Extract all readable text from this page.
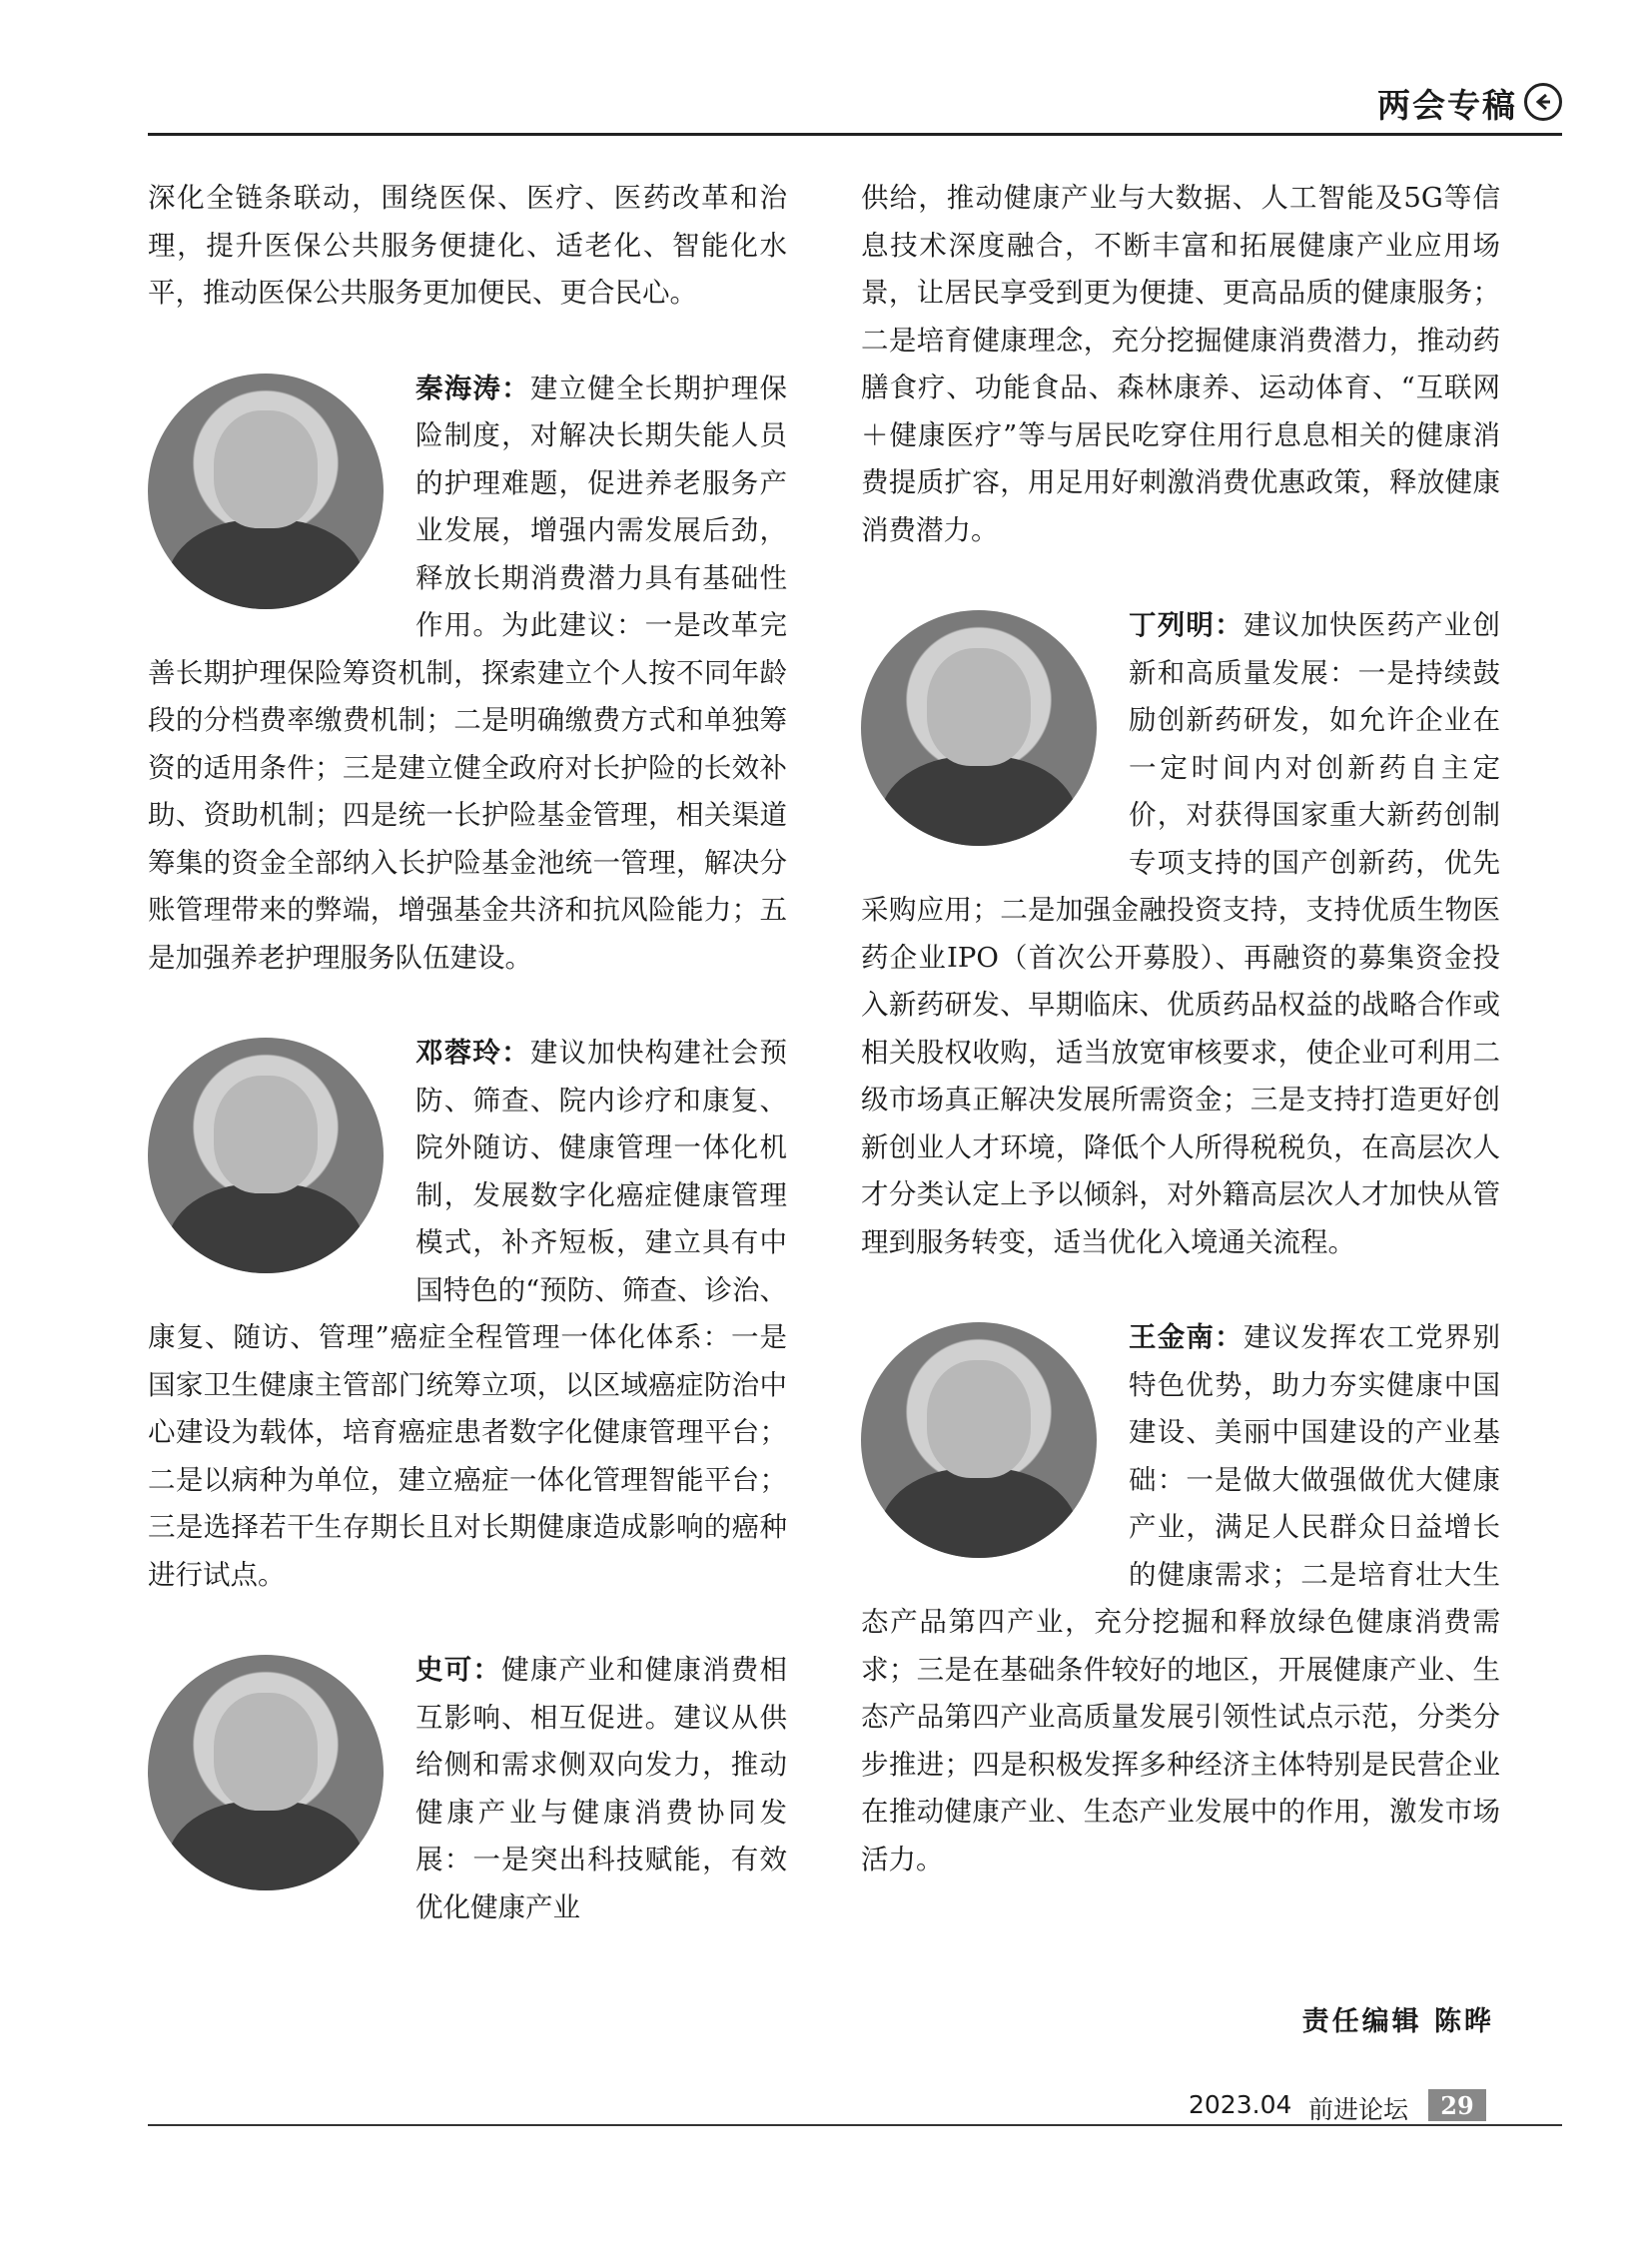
两会专稿

深化全链条联动，围绕医保、医疗、医药改革和治理，提升医保公共服务便捷化、适老化、智能化水平，推动医保公共服务更加便民、更合民心。

秦海涛：建立健全长期护理保险制度，对解决长期失能人员的护理难题，促进养老服务产业发展，增强内需发展后劲，释放长期消费潜力具有基础性作用。为此建议：一是改革完善长期护理保险筹资机制，探索建立个人按不同年龄段的分档费率缴费机制；二是明确缴费方式和单独筹资的适用条件；三是建立健全政府对长护险的长效补助、资助机制；四是统一长护险基金管理，相关渠道筹集的资金全部纳入长护险基金池统一管理，解决分账管理带来的弊端，增强基金共济和抗风险能力；五是加强养老护理服务队伍建设。

邓蓉玲：建议加快构建社会预防、筛查、院内诊疗和康复、院外随访、健康管理一体化机制，发展数字化癌症健康管理模式，补齐短板，建立具有中国特色的“预防、筛查、诊治、康复、随访、管理”癌症全程管理一体化体系：一是国家卫生健康主管部门统筹立项，以区域癌症防治中心建设为载体，培育癌症患者数字化健康管理平台；二是以病种为单位，建立癌症一体化管理智能平台；三是选择若干生存期长且对长期健康造成影响的癌种进行试点。

史可：健康产业和健康消费相互影响、相互促进。建议从供给侧和需求侧双向发力，推动健康产业与健康消费协同发展：一是突出科技赋能，有效优化健康产业

供给，推动健康产业与大数据、人工智能及5G等信息技术深度融合，不断丰富和拓展健康产业应用场景，让居民享受到更为便捷、更高品质的健康服务；二是培育健康理念，充分挖掘健康消费潜力，推动药膳食疗、功能食品、森林康养、运动体育、“互联网＋健康医疗”等与居民吃穿住用行息息相关的健康消费提质扩容，用足用好刺激消费优惠政策，释放健康消费潜力。

丁列明：建议加快医药产业创新和高质量发展：一是持续鼓励创新药研发，如允许企业在一定时间内对创新药自主定价，对获得国家重大新药创制专项支持的国产创新药，优先采购应用；二是加强金融投资支持，支持优质生物医药企业IPO（首次公开募股）、再融资的募集资金投入新药研发、早期临床、优质药品权益的战略合作或相关股权收购，适当放宽审核要求，使企业可利用二级市场真正解决发展所需资金；三是支持打造更好创新创业人才环境，降低个人所得税税负，在高层次人才分类认定上予以倾斜，对外籍高层次人才加快从管理到服务转变，适当优化入境通关流程。

王金南：建议发挥农工党界别特色优势，助力夯实健康中国建设、美丽中国建设的产业基础：一是做大做强做优大健康产业，满足人民群众日益增长的健康需求；二是培育壮大生态产品第四产业，充分挖掘和释放绿色健康消费需求；三是在基础条件较好的地区，开展健康产业、生态产品第四产业高质量发展引领性试点示范，分类分步推进；四是积极发挥多种经济主体特别是民营企业在推动健康产业、生态产业发展中的作用，激发市场活力。

责任编辑 陈晔
2023.04 前进论坛	29
